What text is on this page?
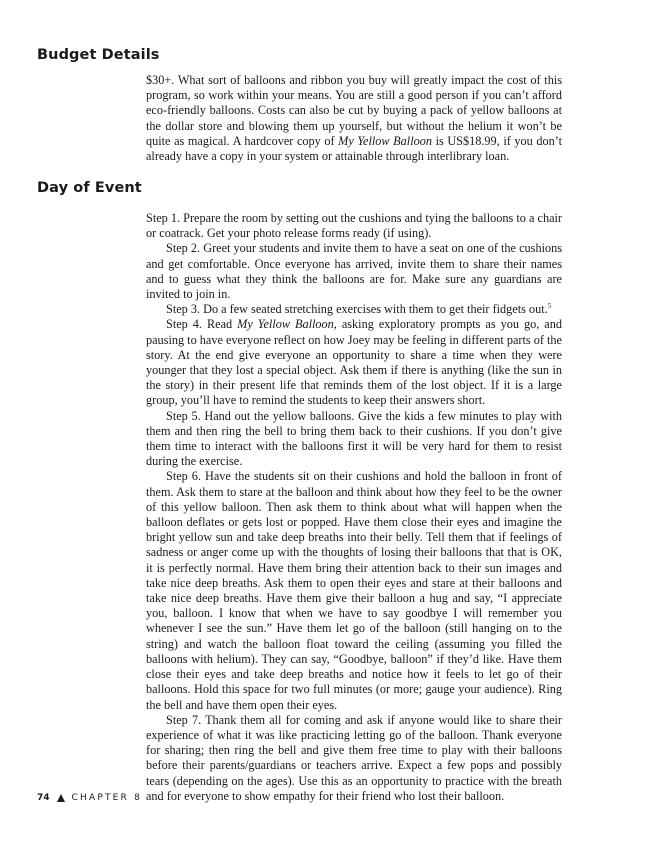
Budget Details

$30+. What sort of balloons and ribbon you buy will greatly impact the cost of this program, so work within your means. You are still a good person if you can’t afford eco-friendly balloons. Costs can also be cut by buying a pack of yellow balloons at the dollar store and blowing them up yourself, but without the helium it won’t be quite as magical. A hardcover copy of My Yellow Balloon is US$18.99, if you don’t already have a copy in your system or attainable through interlibrary loan.

Day of Event

Step 1. Prepare the room by setting out the cushions and tying the balloons to a chair or coatrack. Get your photo release forms ready (if using).

Step 2. Greet your students and invite them to have a seat on one of the cushions and get comfortable. Once everyone has arrived, invite them to share their names and to guess what they think the balloons are for. Make sure any guardians are invited to join in.

Step 3. Do a few seated stretching exercises with them to get their fidgets out.$^5$

Step 4. Read My Yellow Balloon, asking exploratory prompts as you go, and pausing to have everyone reflect on how Joey may be feeling in different parts of the story. At the end give everyone an opportunity to share a time when they were younger that they lost a special object. Ask them if there is anything (like the sun in the story) in their present life that reminds them of the lost object. If it is a large group, you’ll have to remind the students to keep their answers short.

Step 5. Hand out the yellow balloons. Give the kids a few minutes to play with them and then ring the bell to bring them back to their cushions. If you don’t give them time to interact with the balloons first it will be very hard for them to resist during the exercise.

Step 6. Have the students sit on their cushions and hold the balloon in front of them. Ask them to stare at the balloon and think about how they feel to be the owner of this yellow balloon. Then ask them to think about what will happen when the balloon deflates or gets lost or popped. Have them close their eyes and imagine the bright yellow sun and take deep breaths into their belly. Tell them that if feelings of sadness or anger come up with the thoughts of losing their balloons that that is OK, it is perfectly normal. Have them bring their attention back to their sun images and take nice deep breaths. Ask them to open their eyes and stare at their balloons and take nice deep breaths. Have them give their balloon a hug and say, “I appreciate you, balloon. I know that when we have to say goodbye I will remember you whenever I see the sun.” Have them let go of the balloon (still hanging on to the string) and watch the balloon float toward the ceiling (assuming you filled the balloons with helium). They can say, “Goodbye, balloon” if they’d like. Have them close their eyes and take deep breaths and notice how it feels to let go of their balloons. Hold this space for two full minutes (or more; gauge your audience). Ring the bell and have them open their eyes.

Step 7. Thank them all for coming and ask if anyone would like to share their experience of what it was like practicing letting go of the balloon. Thank everyone for sharing; then ring the bell and give them free time to play with their balloons before their parents/guardians or teachers arrive. Expect a few pops and possibly tears (depending on the ages). Use this as an opportunity to practice with the breath and for everyone to show empathy for their friend who lost their balloon.

74 CHAPTER 8
